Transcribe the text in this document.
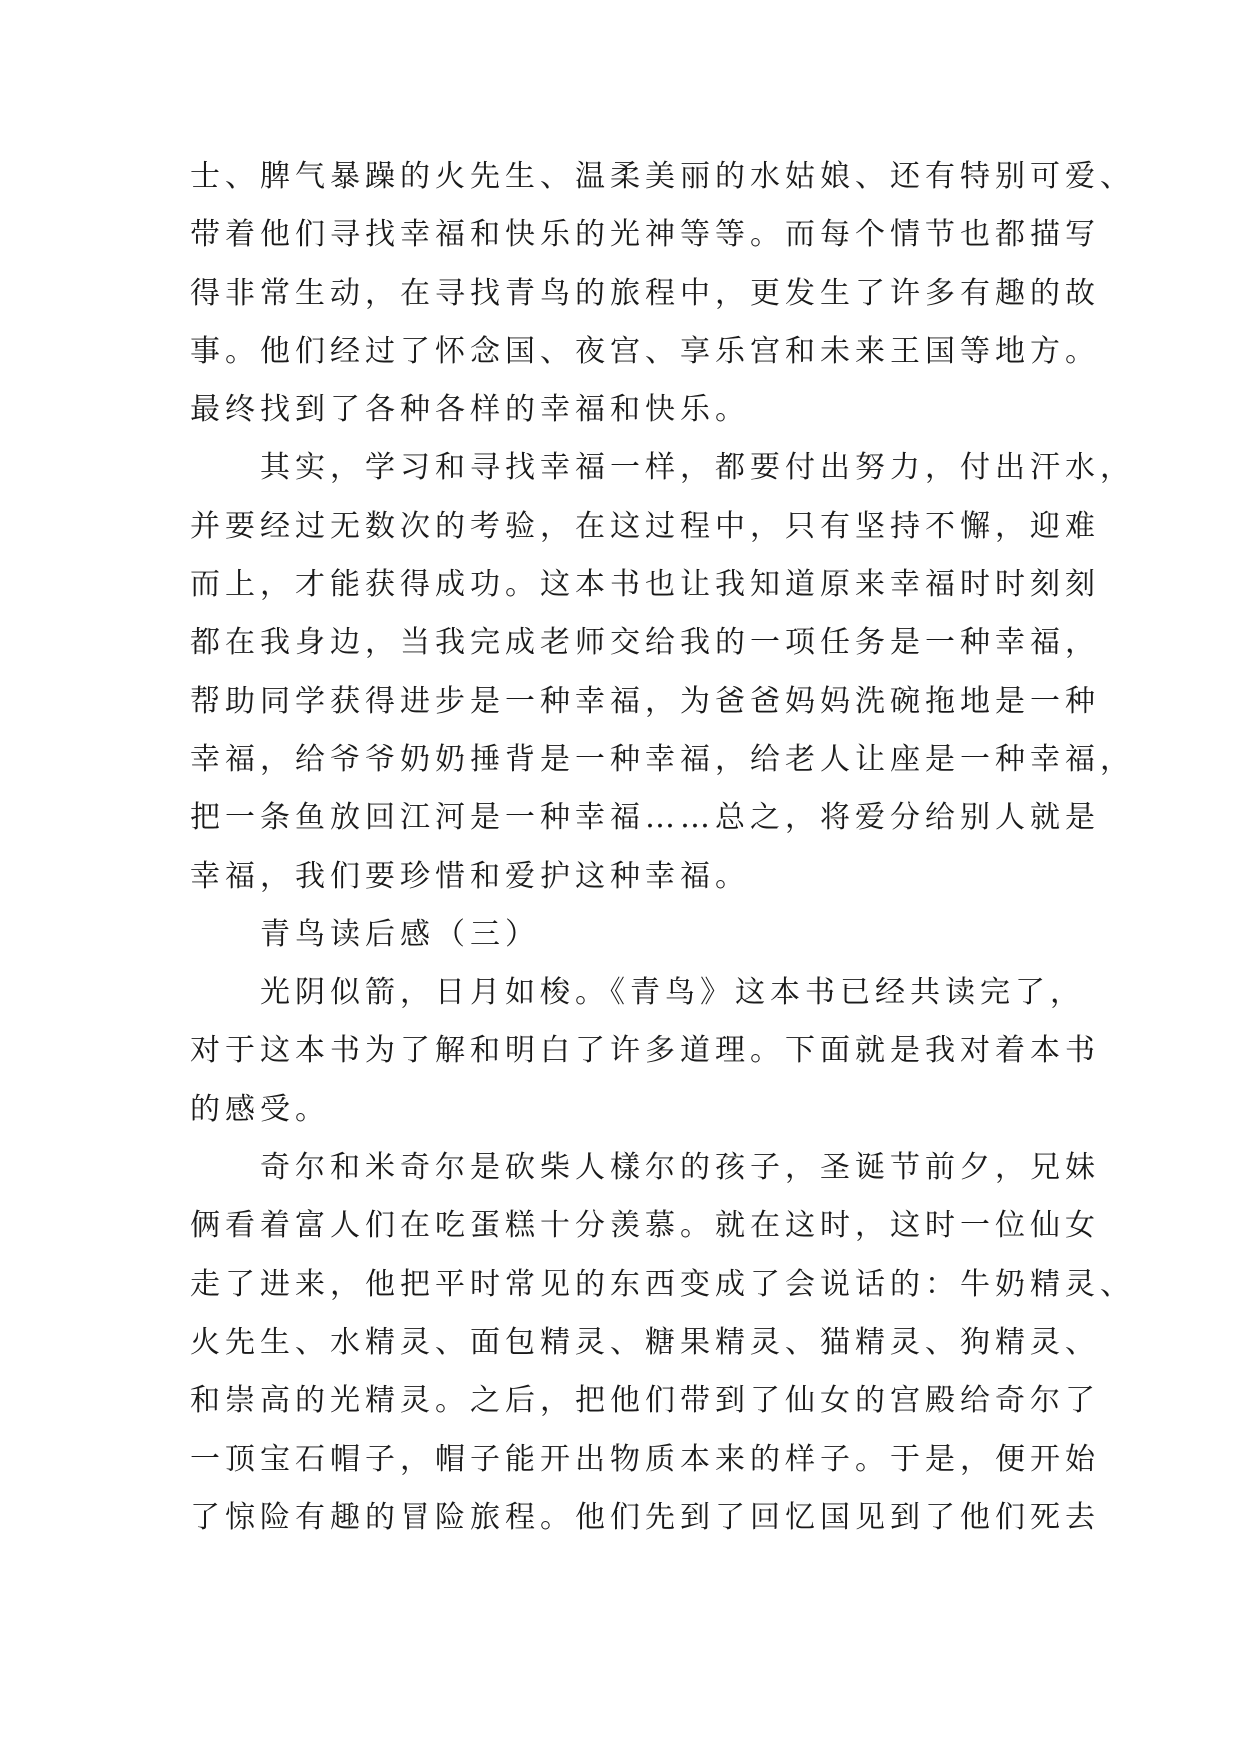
士、脾气暴躁的火先生、温柔美丽的水姑娘、还有特别可爱、
带着他们寻找幸福和快乐的光神等等。而每个情节也都描写
得非常生动，在寻找青鸟的旅程中，更发生了许多有趣的故
事。他们经过了怀念国、夜宫、享乐宫和未来王国等地方。
最终找到了各种各样的幸福和快乐。
　　其实，学习和寻找幸福一样，都要付出努力，付出汗水，
并要经过无数次的考验，在这过程中，只有坚持不懈，迎难
而上，才能获得成功。这本书也让我知道原来幸福时时刻刻
都在我身边，当我完成老师交给我的一项任务是一种幸福，
帮助同学获得进步是一种幸福，为爸爸妈妈洗碗拖地是一种
幸福，给爷爷奶奶捶背是一种幸福，给老人让座是一种幸福，
把一条鱼放回江河是一种幸福……总之，将爱分给别人就是
幸福，我们要珍惜和爱护这种幸福。
　　青鸟读后感（三）
　　光阴似箭，日月如梭。《青鸟》这本书已经共读完了，
对于这本书为了解和明白了许多道理。下面就是我对着本书
的感受。
　　奇尔和米奇尔是砍柴人樣尔的孩子，圣诞节前夕，兄妹
俩看着富人们在吃蛋糕十分羡慕。就在这时，这时一位仙女
走了进来，他把平时常见的东西变成了会说话的：牛奶精灵、
火先生、水精灵、面包精灵、糖果精灵、猫精灵、狗精灵、
和崇高的光精灵。之后，把他们带到了仙女的宫殿给奇尔了
一顶宝石帽子，帽子能开出物质本来的样子。于是，便开始
了惊险有趣的冒险旅程。他们先到了回忆国见到了他们死去
